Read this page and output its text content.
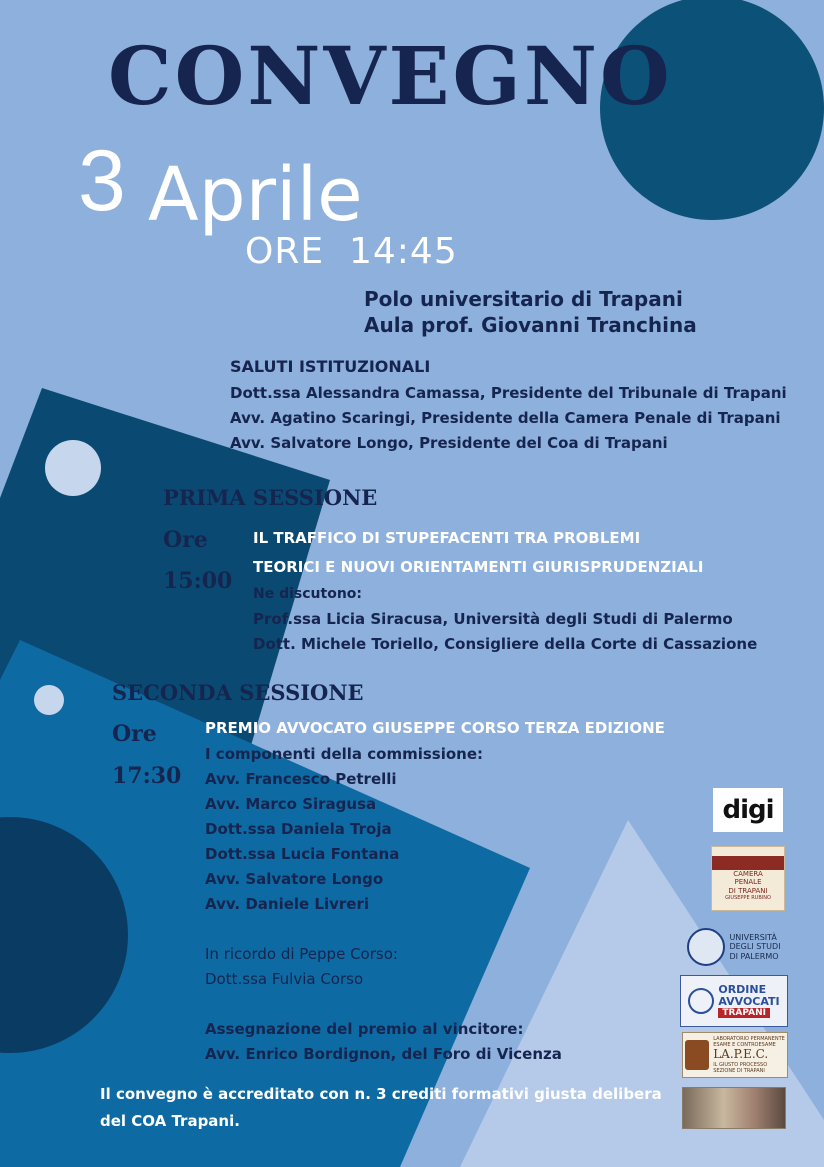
CONVEGNO
3 Aprile
ORE  14:45
Polo universitario di Trapani
Aula prof. Giovanni Tranchina
SALUTI ISTITUZIONALI
Dott.ssa Alessandra Camassa, Presidente del Tribunale di Trapani
Avv. Agatino Scaringi, Presidente della Camera Penale di Trapani
Avv. Salvatore Longo, Presidente del Coa di Trapani
PRIMA SESSIONE
Ore
15:00
IL TRAFFICO DI STUPEFACENTI TRA PROBLEMI
TEORICI E NUOVI ORIENTAMENTI GIURISPRUDENZIALI
Ne discutono:
Prof.ssa Licia Siracusa, Università degli Studi di Palermo
Dott. Michele Toriello, Consigliere della Corte di Cassazione
SECONDA SESSIONE
Ore
17:30
PREMIO AVVOCATO GIUSEPPE CORSO TERZA EDIZIONE
I componenti della commissione:
Avv. Francesco Petrelli
Avv. Marco Siragusa
Dott.ssa Daniela Troja
Dott.ssa Lucia Fontana
Avv. Salvatore Longo
Avv. Daniele Livreri
In ricordo di Peppe Corso:
Dott.ssa Fulvia Corso
Assegnazione del premio al vincitore:
Avv. Enrico Bordignon, del Foro di Vicenza
Il convegno è accreditato con n. 3 crediti formativi giusta delibera
del COA Trapani.
digi
CAMERA
PENALE
DI TRAPANI
GIUSEPPE RUBINO
UNIVERSITÀ
DEGLI STUDI
DI PALERMO
ORDINE
AVVOCATI
TRAPANI
LABORATORIO PERMANENTE
ESAME E CONTROESAME
LA.P.E.C.
IL GIUSTO PROCESSO
SEZIONE DI TRAPANI
